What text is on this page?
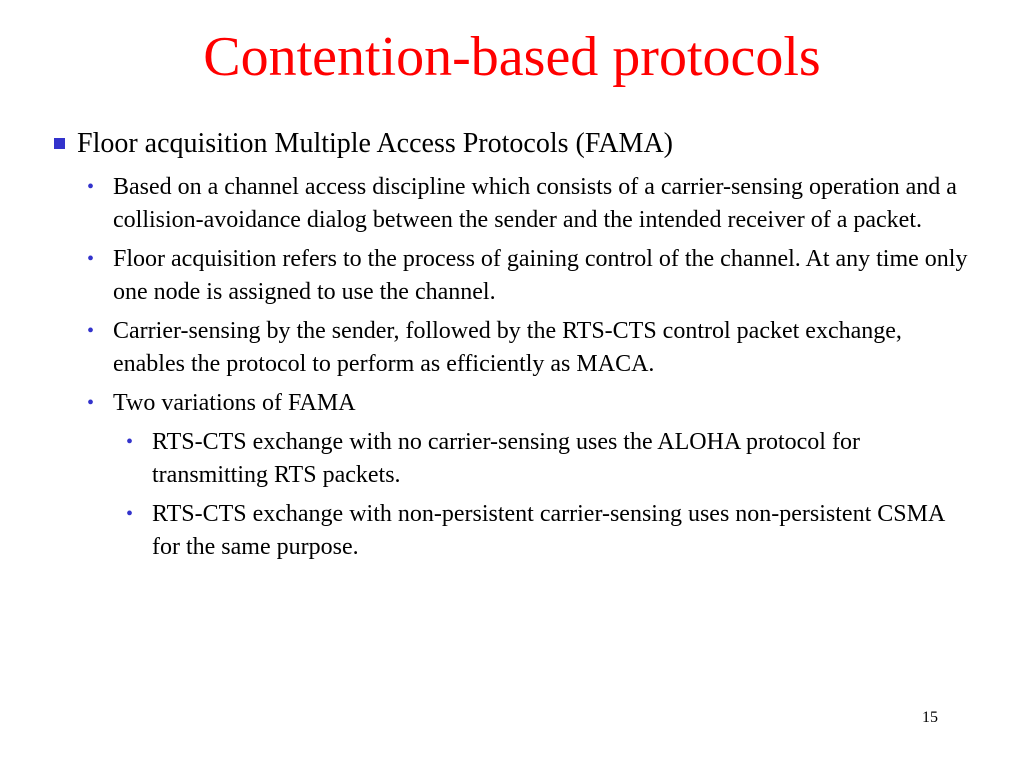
Contention-based protocols
Floor acquisition Multiple Access Protocols (FAMA)
• Based on a channel access discipline which consists of a carrier-sensing operation and a collision-avoidance dialog between the sender and the intended receiver of a packet.
• Floor acquisition refers to the process of gaining control of the channel. At any time only one node is assigned to use the channel.
• Carrier-sensing by the sender, followed by the RTS-CTS control packet exchange, enables the protocol to perform as efficiently as MACA.
• Two variations of FAMA
• RTS-CTS exchange with no carrier-sensing uses the ALOHA protocol for transmitting RTS packets.
• RTS-CTS exchange with non-persistent carrier-sensing uses non-persistent CSMA for the same purpose.
15
